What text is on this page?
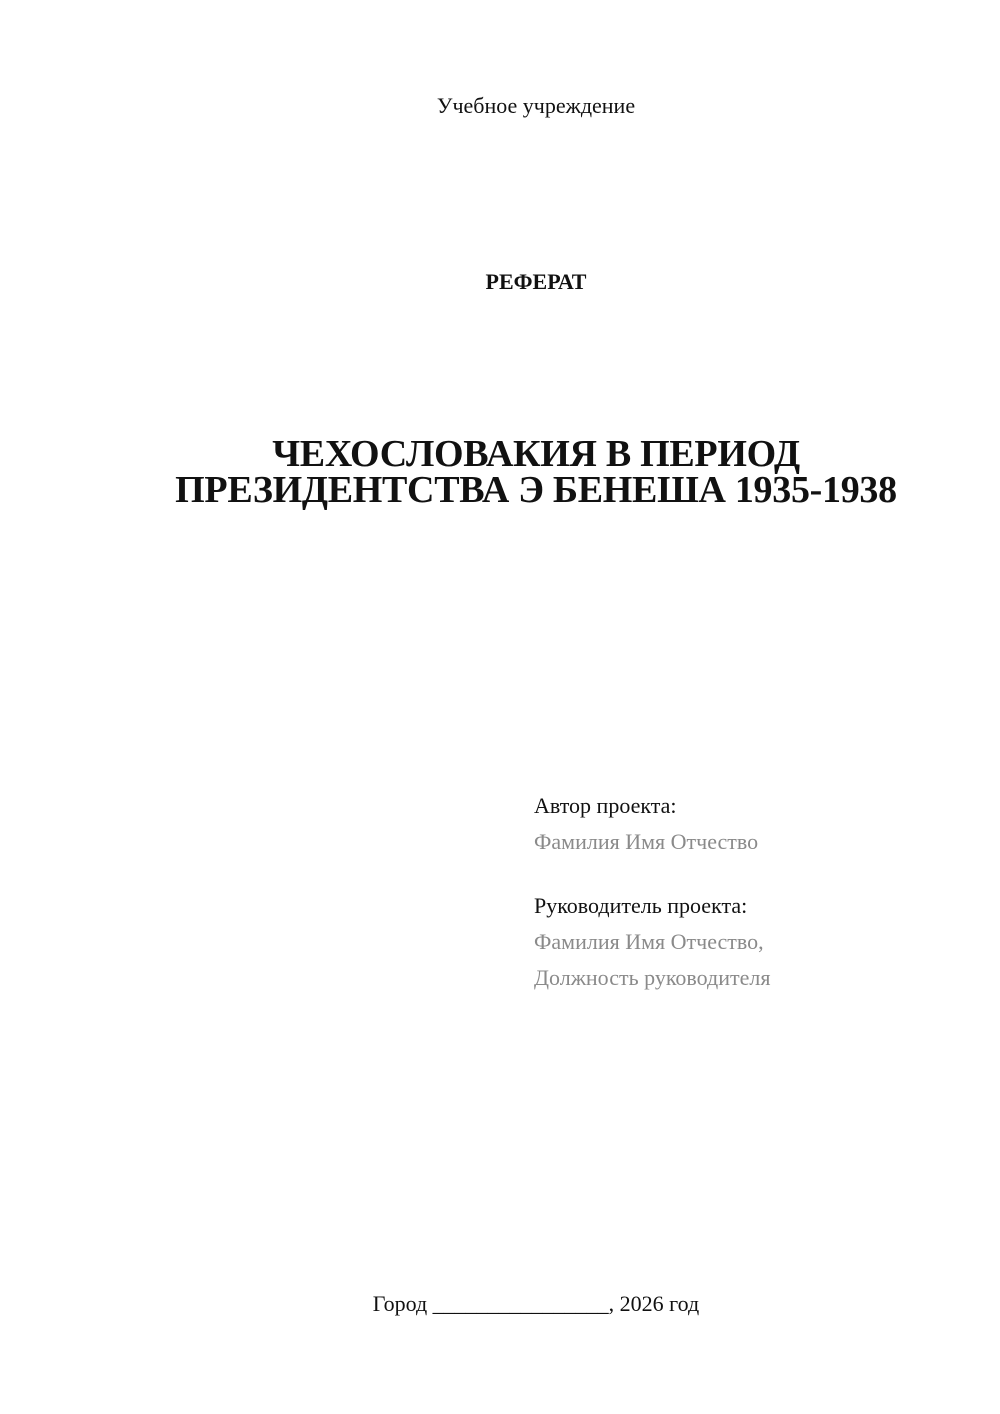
Учебное учреждение
РЕФЕРАТ
ЧЕХОСЛОВАКИЯ В ПЕРИОД
ПРЕЗИДЕНТСТВА Э БЕНЕША 1935-1938
Автор проекта:
Фамилия Имя Отчество
Руководитель проекта:
Фамилия Имя Отчество,
Должность руководителя
Город ________________, 2026 год
